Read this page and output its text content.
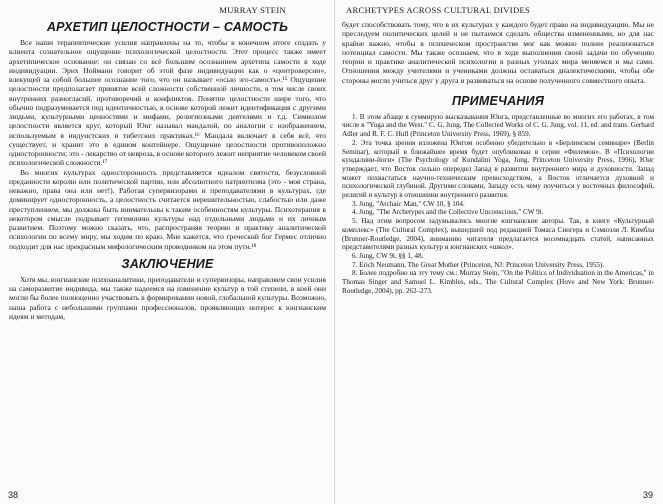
MURRAY STEIN
АРХЕТИП ЦЕЛОСТНОСТИ – САМОСТЬ

Все наши терапевтические усилия направлены на то, чтобы в конечном итоге создать у клиента сознательное ощущение психологической целостности. Этот процесс также имеет архетипическое основание: он связан со всё большим осознанием архетипа самости в ходе индивидуации. Эрих Нойманн говорит об этой фазе индивидуации как о «центроверсии», влекущей за собой большее осознание того, что он называет «осью эго-самость».¹⁵ Ощущение целостности предполагает принятие всей сложности собственной личности, в том числе своих внутренних разногласий, противоречий и конфликтов. Понятие целостности шире того, что обычно подразумевается под идентичностью, в основе которой лежит идентификация с другими людьми, культурными ценностями и мифами, религиозными деятелями и т.д. Символом целостности является круг, который Юнг называл мандалой, по аналогии с изображением, используемым в индуистских и тибетских практиках.¹⁶ Мандала включает в себя всё, что существует, и хранит это в едином контейнере. Ощущение целостности противоположно односторонности; это - лекарство от невроза, в основе которого лежит неприятие человеком своей психологической сложности.¹⁷

Во многих культурах односторонность представляется идеалом святости, безусловной преданности королю или политической партии, или абсолютного патриотизма (это - моя страна, неважно, права она или нет!). Работая супервизорами и преподавателями в культурах, где доминирует односторонность, а целостность считается нерешительностью, слабостью или даже преступлением, мы должны быть внимательны к таким особенностям культуры. Психотерапия в некотором смысле подрывает гегемонию культуры над отдельными людьми и их личным развитием. Поэтому можно сказать, что, распространяя теорию и практику аналитической психологии по всему миру, мы ходим по краю. Мне кажется, что греческий бог Гермес отлично подходит для нас прекрасным мифологическим проводником на этом пути.¹⁸

ЗАКЛЮЧЕНИЕ

Хотя мы, юнгианские психоаналитики, преподаватели и супервизоры, направляем свои усилия на саморазвитие индивида, мы также надеемся на изменение культур в той степени, в коей они могли бы более полноценно участвовать в формировании новой, глобальной культуры. Возможно, наша работа с небольшими группами профессионалов, проявляющих интерес к юнгианским идеям и методам,

38
ARCHETYPES ACROSS CULTURAL DIVIDES

будет способствовать тому, что в их культурах у каждого будет право на индивидуацию. Мы не преследуем политических целей и не пытаемся сделать общества измененными, но для нас крайне важно, чтобы в психическом пространстве мог как можно полнее реализоваться потенциал самости. Мы также осознаем, что в ходе выполнения своей задачи по обучению теории и практике аналитической психологии в разных уголках мира меняемся и мы сами. Отношения между учителями и учениками должны оставаться диалектическими, чтобы обе стороны могли учиться друг у друга и развиваться на основе полученного совместного опыта.

ПРИМЕЧАНИЯ

1. В этом абзаце я суммирую высказывания Юнга, представленные во многих его работах, в том числе в "Yoga and the West." C. G. Jung, The Collected Works of C. G. Jung, vol. 11, ed. and trans. Gerhard Adler and R. F. C. Hull (Princeton University Press, 1969), § 859.

2. Эта точка зрения изложена Юнгом особенно убедительно в «Берлинском семинаре» (Berlin Seminar), который в ближайшее время будет опубликован в серии «Филемон». В «Психологии кундалини-йоги» (The Psychology of Kundalini Yoga, Jung, Princeton University Press, 1996), Юнг утверждает, что Восток сильно опередил Запад в развитии внутреннего мира и духовности. Запад может похвастаться научно-техническим превосходством, а Восток отличается духовной и психологической глубиной. Другими словами, Западу есть чему поучиться у восточных философий, религий и культур в отношении внутреннего развития.

3. Jung, "Archaic Man," CW 10, § 104.

4. Jung, "The Archetypes and the Collective Unconscious," CW 9i.

5. Над этим вопросом задумывались многие юнгианские авторы. Так, в книге «Культурный комплекс» (The Cultural Complex), вышедшей под редакцией Томаса Сингера и Сэмюэля Л. Кимбла (Brunner-Routledge, 2004), вниманию читателя предлагается восемнадцать статей, написанных представителями разных культур и юнгианских «школ».

6. Jung, CW 9i, §§ 1, 48.

7. Erich Neumann, The Great Mother (Princeton, NJ: Princeton University Press, 1955).

8. Более подробно на эту тему см.: Murray Stein, "On the Politics of Individuation in the Americas," in Thomas Singer and Samuel L. Kimbles, eds., The Cultural Complex (Hove and New York: Brunner-Routledge, 2004), pp. 262–273.

39
